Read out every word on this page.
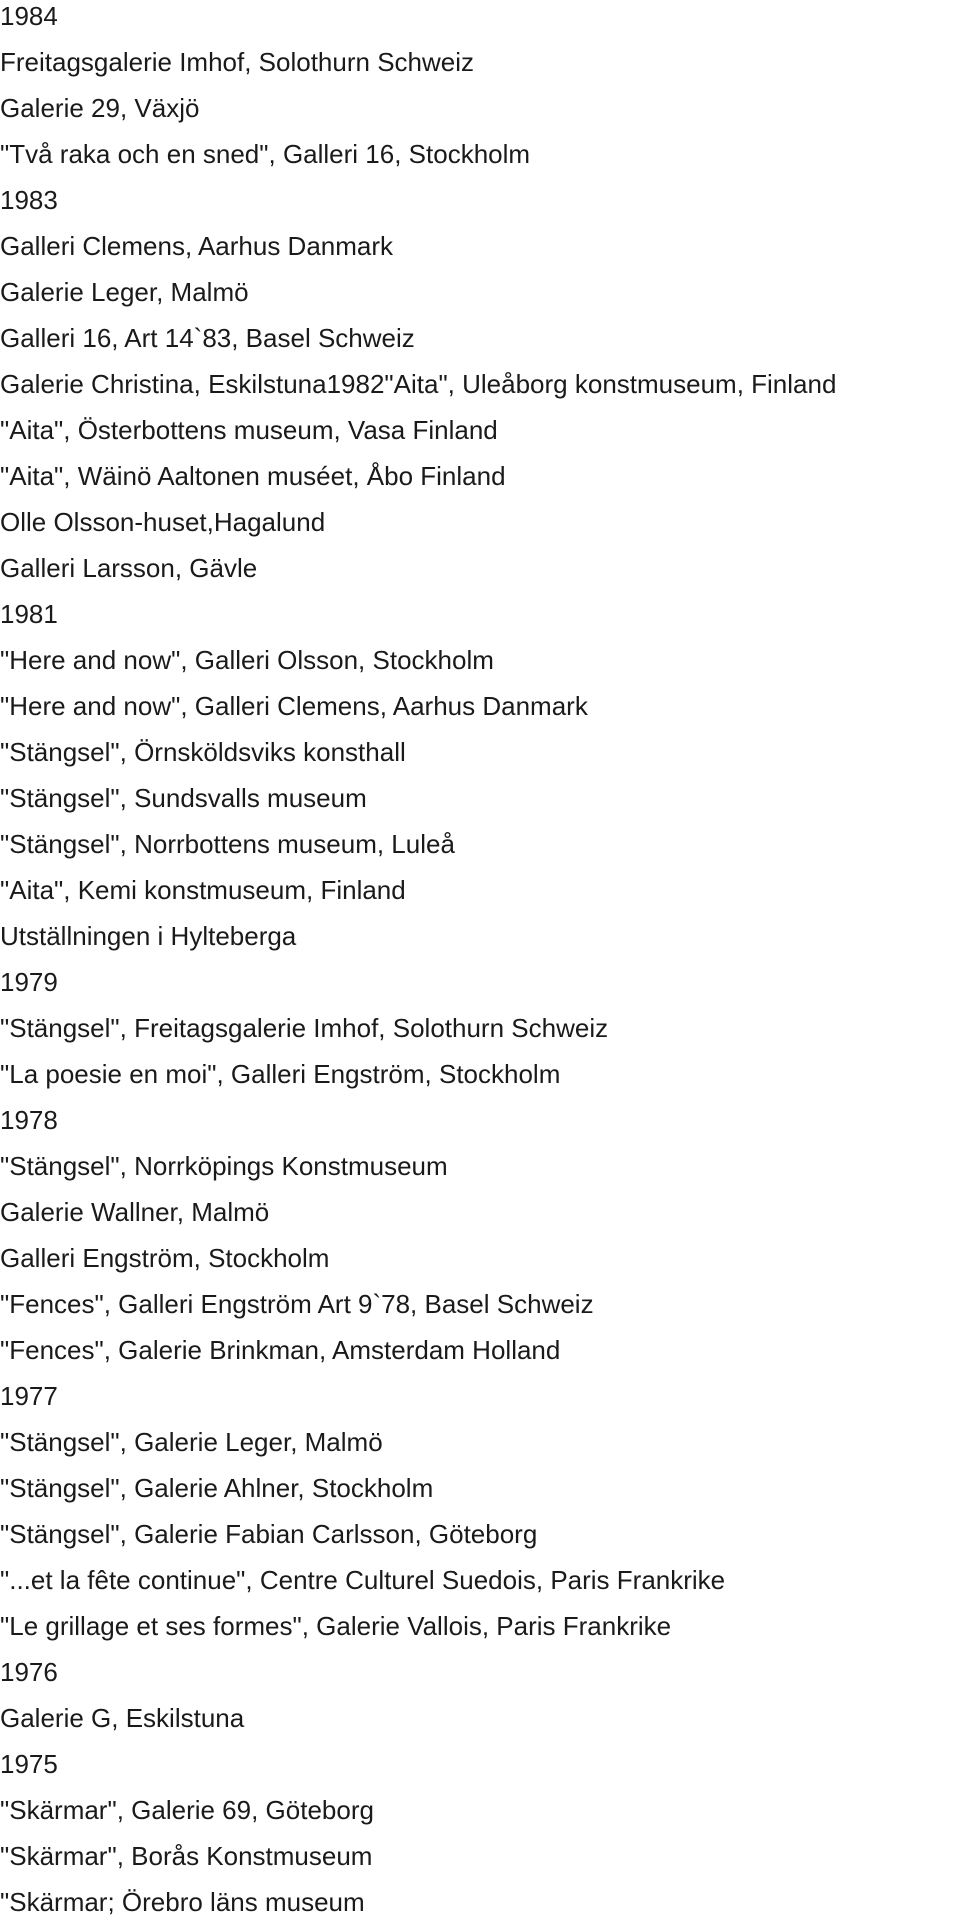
1984
Freitagsgalerie Imhof, Solothurn Schweiz
Galerie 29, Växjö
"Två raka och en sned", Galleri 16, Stockholm
1983
Galleri Clemens, Aarhus Danmark
Galerie Leger, Malmö
Galleri 16, Art 14`83, Basel Schweiz
Galerie Christina, Eskilstuna1982"Aita", Uleåborg konstmuseum, Finland
"Aita", Österbottens museum, Vasa Finland
"Aita", Wäinö Aaltonen muséet, Åbo Finland
Olle Olsson-huset,Hagalund
Galleri Larsson, Gävle
1981
"Here and now", Galleri Olsson, Stockholm
"Here and now", Galleri Clemens, Aarhus Danmark
"Stängsel", Örnsköldsviks konsthall
"Stängsel", Sundsvalls museum
"Stängsel", Norrbottens museum, Luleå
"Aita", Kemi konstmuseum, Finland
Utställningen i Hylteberga
1979
"Stängsel", Freitagsgalerie Imhof, Solothurn Schweiz
"La poesie en moi", Galleri Engström, Stockholm
1978
"Stängsel", Norrköpings Konstmuseum
Galerie Wallner, Malmö
Galleri Engström, Stockholm
"Fences", Galleri Engström Art 9`78, Basel Schweiz
"Fences", Galerie Brinkman, Amsterdam Holland
1977
"Stängsel", Galerie Leger, Malmö
"Stängsel", Galerie Ahlner, Stockholm
"Stängsel", Galerie Fabian Carlsson, Göteborg
"...et la fête continue", Centre Culturel Suedois, Paris Frankrike
"Le grillage et ses formes", Galerie Vallois, Paris Frankrike
1976
Galerie G, Eskilstuna
1975
"Skärmar", Galerie 69, Göteborg
"Skärmar", Borås Konstmuseum
"Skärmar; Örebro läns museum
